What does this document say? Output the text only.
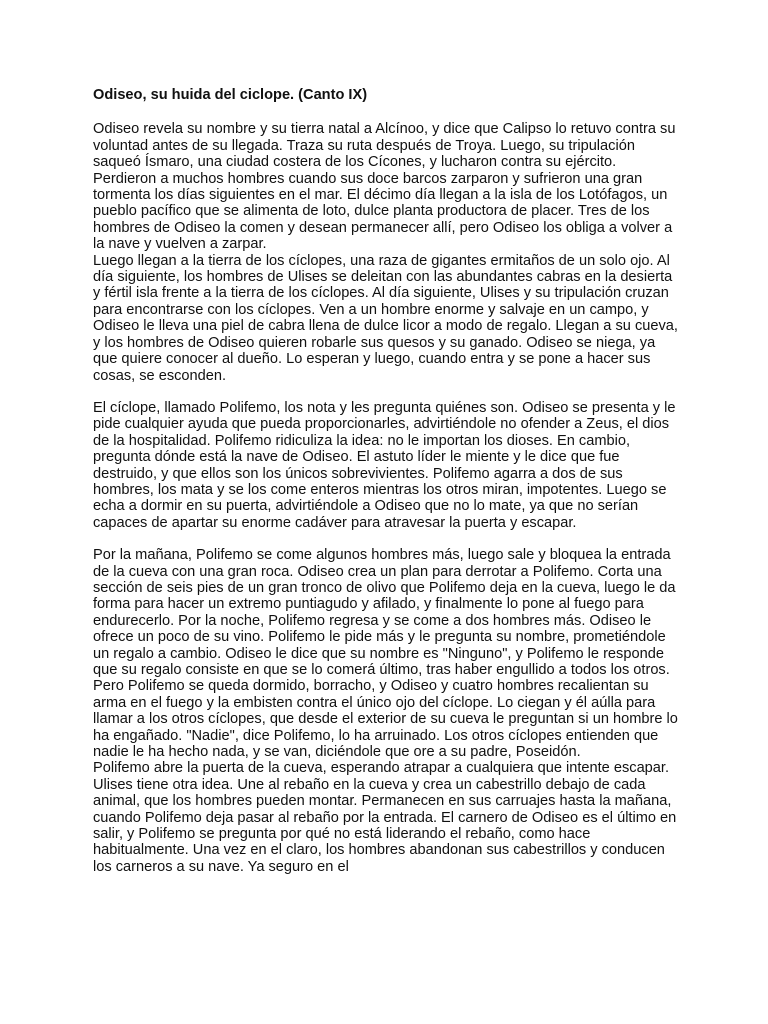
Odiseo, su huida del ciclope. (Canto IX)

Odiseo revela su nombre y su tierra natal a Alcínoo, y dice que Calipso lo retuvo contra su voluntad antes de su llegada. Traza su ruta después de Troya. Luego, su tripulación saqueó Ísmaro, una ciudad costera de los Cícones, y lucharon contra su ejército. Perdieron a muchos hombres cuando sus doce barcos zarparon y sufrieron una gran tormenta los días siguientes en el mar. El décimo día llegan a la isla de los Lotófagos, un pueblo pacífico que se alimenta de loto, dulce planta productora de placer. Tres de los hombres de Odiseo la comen y desean permanecer allí, pero Odiseo los obliga a volver a la nave y vuelven a zarpar.

Luego llegan a la tierra de los cíclopes, una raza de gigantes ermitaños de un solo ojo. Al día siguiente, los hombres de Ulises se deleitan con las abundantes cabras en la desierta y fértil isla frente a la tierra de los cíclopes. Al día siguiente, Ulises y su tripulación cruzan para encontrarse con los cíclopes. Ven a un hombre enorme y salvaje en un campo, y Odiseo le lleva una piel de cabra llena de dulce licor a modo de regalo. Llegan a su cueva, y los hombres de Odiseo quieren robarle sus quesos y su ganado. Odiseo se niega, ya que quiere conocer al dueño. Lo esperan y luego, cuando entra y se pone a hacer sus cosas, se esconden.

El cíclope, llamado Polifemo, los nota y les pregunta quiénes son. Odiseo se presenta y le pide cualquier ayuda que pueda proporcionarles, advirtiéndole no ofender a Zeus, el dios de la hospitalidad. Polifemo ridiculiza la idea: no le importan los dioses. En cambio, pregunta dónde está la nave de Odiseo. El astuto líder le miente y le dice que fue destruido, y que ellos son los únicos sobrevivientes. Polifemo agarra a dos de sus hombres, los mata y se los come enteros mientras los otros miran, impotentes. Luego se echa a dormir en su puerta, advirtiéndole a Odiseo que no lo mate, ya que no serían capaces de apartar su enorme cadáver para atravesar la puerta y escapar.

Por la mañana, Polifemo se come algunos hombres más, luego sale y bloquea la entrada de la cueva con una gran roca. Odiseo crea un plan para derrotar a Polifemo. Corta una sección de seis pies de un gran tronco de olivo que Polifemo deja en la cueva, luego le da forma para hacer un extremo puntiagudo y afilado, y finalmente lo pone al fuego para endurecerlo. Por la noche, Polifemo regresa y se come a dos hombres más. Odiseo le ofrece un poco de su vino. Polifemo le pide más y le pregunta su nombre, prometiéndole un regalo a cambio. Odiseo le dice que su nombre es "Ninguno", y Polifemo le responde que su regalo consiste en que se lo comerá último, tras haber engullido a todos los otros. Pero Polifemo se queda dormido, borracho, y Odiseo y cuatro hombres recalientan su arma en el fuego y la embisten contra el único ojo del cíclope. Lo ciegan y él aúlla para llamar a los otros cíclopes, que desde el exterior de su cueva le preguntan si un hombre lo ha engañado. "Nadie", dice Polifemo, lo ha arruinado. Los otros cíclopes entienden que nadie le ha hecho nada, y se van, diciéndole que ore a su padre, Poseidón.

Polifemo abre la puerta de la cueva, esperando atrapar a cualquiera que intente escapar. Ulises tiene otra idea. Une al rebaño en la cueva y crea un cabestrillo debajo de cada animal, que los hombres pueden montar. Permanecen en sus carruajes hasta la mañana, cuando Polifemo deja pasar al rebaño por la entrada. El carnero de Odiseo es el último en salir, y Polifemo se pregunta por qué no está liderando el rebaño, como hace habitualmente. Una vez en el claro, los hombres abandonan sus cabestrillos y conducen los carneros a su nave. Ya seguro en el
